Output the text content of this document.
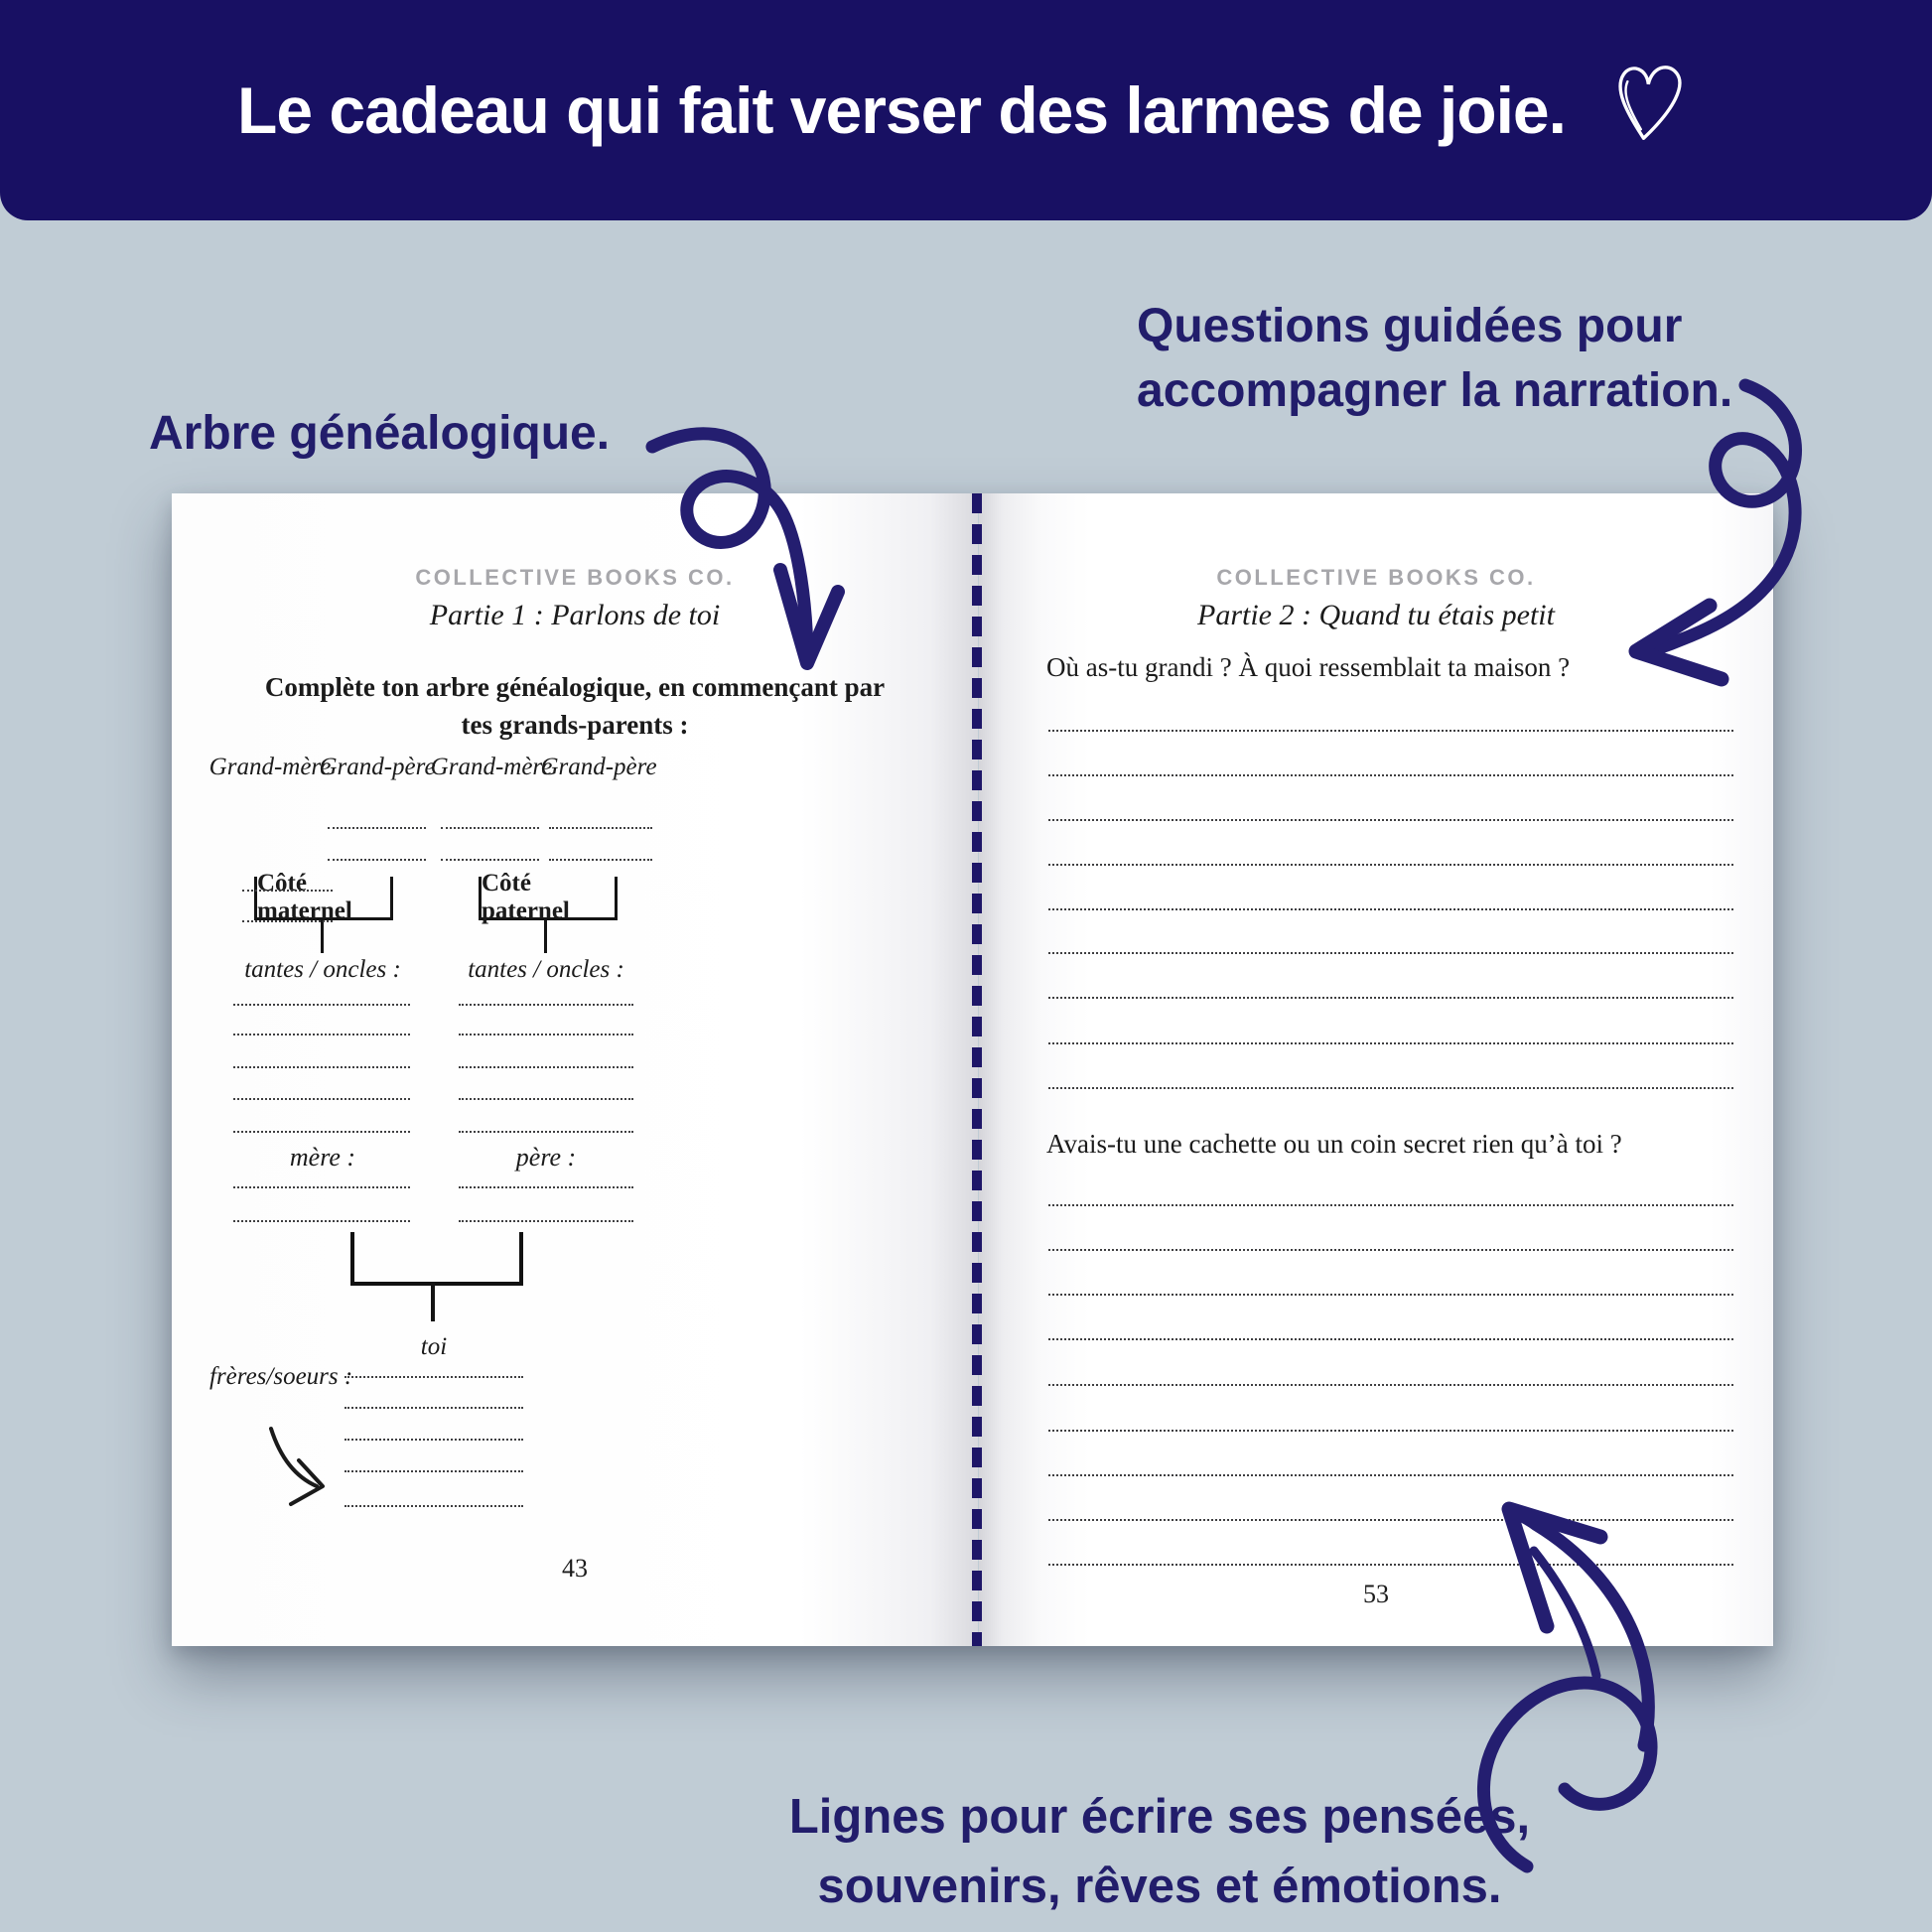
Le cadeau qui fait verser des larmes de joie.
Arbre généalogique.
Questions guidées pour
accompagner la narration.
Lignes pour écrire ses pensées,
souvenirs, rêves et émotions.
COLLECTIVE BOOKS CO.
Partie 1 : Parlons de toi
Complète ton arbre généalogique, en commençant par
tes grands-parents :
Grand-mère
Grand-père
Grand-mère
Grand-père
Côté maternel
Côté paternel
tantes / oncles :	tantes / oncles :
mère :	père :
toi
frères/soeurs :
43
COLLECTIVE BOOKS CO.
Partie 2 : Quand tu étais petit
Où as-tu grandi ? À quoi ressemblait ta maison ?
Avais-tu une cachette ou un coin secret rien qu’à toi ?
53
